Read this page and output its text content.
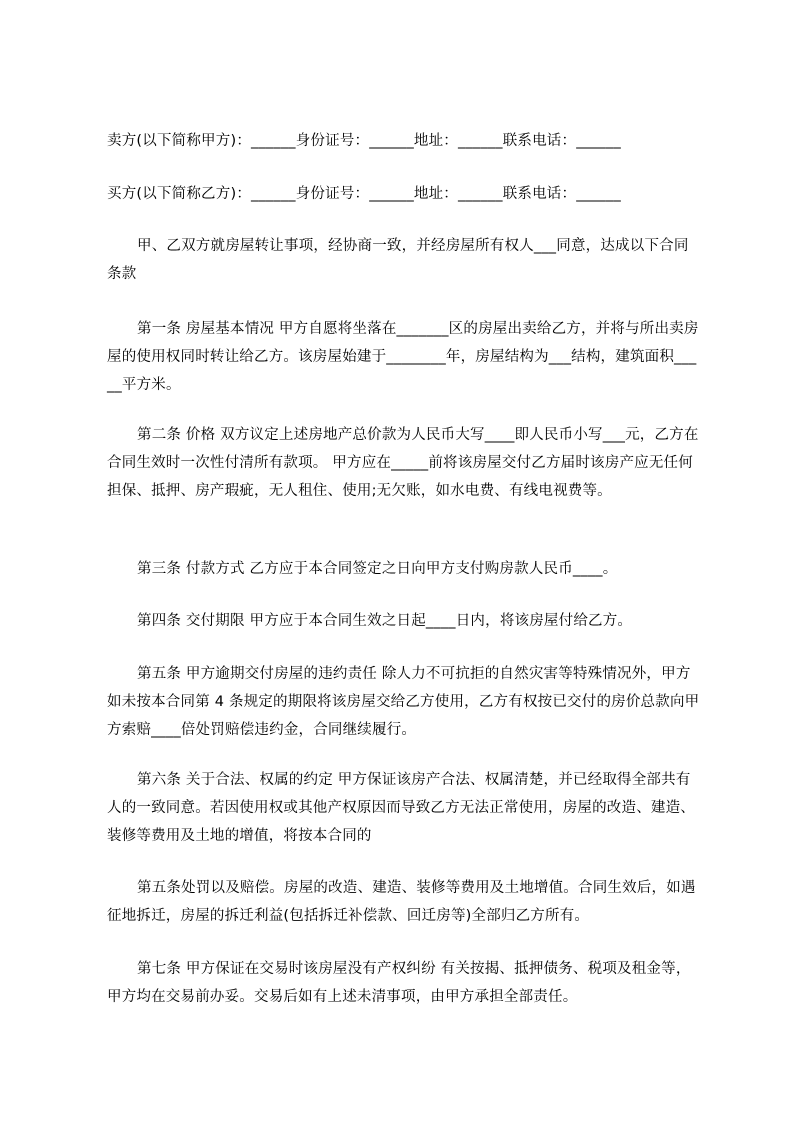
卖方(以下简称甲方)：______身份证号：______地址：______联系电话：______

买方(以下简称乙方)：______身份证号：______地址：______联系电话：______

甲、乙双方就房屋转让事项，经协商一致，并经房屋所有权人___同意，达成以下合同条款

第一条 房屋基本情况 甲方自愿将坐落在_______区的房屋出卖给乙方，并将与所出卖房屋的使用权同时转让给乙方。该房屋始建于________年，房屋结构为___结构，建筑面积_____平方米。

第二条 价格 双方议定上述房地产总价款为人民币大写____即人民币小写___元，乙方在合同生效时一次性付清所有款项。 甲方应在_____前将该房屋交付乙方届时该房产应无任何担保、抵押、房产瑕疵，无人租住、使用;无欠账，如水电费、有线电视费等。

第三条 付款方式 乙方应于本合同签定之日向甲方支付购房款人民币____。

第四条 交付期限 甲方应于本合同生效之日起____日内，将该房屋付给乙方。

第五条 甲方逾期交付房屋的违约责任 除人力不可抗拒的自然灾害等特殊情况外，甲方如未按本合同第 4 条规定的期限将该房屋交给乙方使用，乙方有权按已交付的房价总款向甲方索赔____倍处罚赔偿违约金，合同继续履行。

第六条 关于合法、权属的约定 甲方保证该房产合法、权属清楚，并已经取得全部共有人的一致同意。若因使用权或其他产权原因而导致乙方无法正常使用，房屋的改造、建造、装修等费用及土地的增值，将按本合同的

第五条处罚以及赔偿。房屋的改造、建造、装修等费用及土地增值。合同生效后，如遇征地拆迁，房屋的拆迁利益(包括拆迁补偿款、回迁房等)全部归乙方所有。

第七条 甲方保证在交易时该房屋没有产权纠纷 有关按揭、抵押债务、税项及租金等，甲方均在交易前办妥。交易后如有上述未清事项，由甲方承担全部责任。
